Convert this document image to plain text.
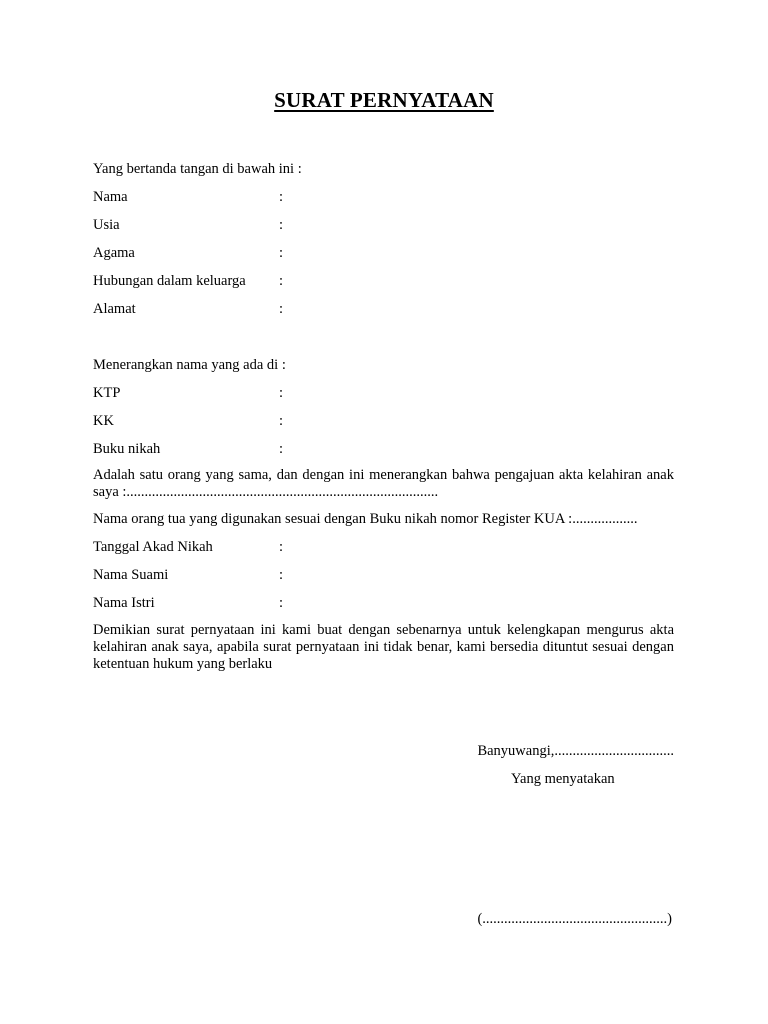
SURAT PERNYATAAN
Yang bertanda tangan di bawah ini :
Nama	:
Usia	:
Agama	:
Hubungan dalam keluarga :
Alamat	:
Menerangkan nama yang ada di :
KTP	:
KK	:
Buku nikah	:
Adalah satu orang yang sama, dan dengan ini menerangkan bahwa pengajuan akta kelahiran anak saya :......................................................................................
Nama orang tua yang digunakan sesuai dengan Buku nikah nomor Register KUA :..................
Tanggal Akad Nikah	:
Nama Suami	:
Nama Istri	:
Demikian surat pernyataan ini kami buat dengan sebenarnya untuk kelengkapan mengurus akta kelahiran anak saya, apabila surat pernyataan ini tidak benar, kami bersedia dituntut sesuai dengan ketentuan hukum yang berlaku
Banyuwangi,.................................
Yang menyatakan
(...................................................)
